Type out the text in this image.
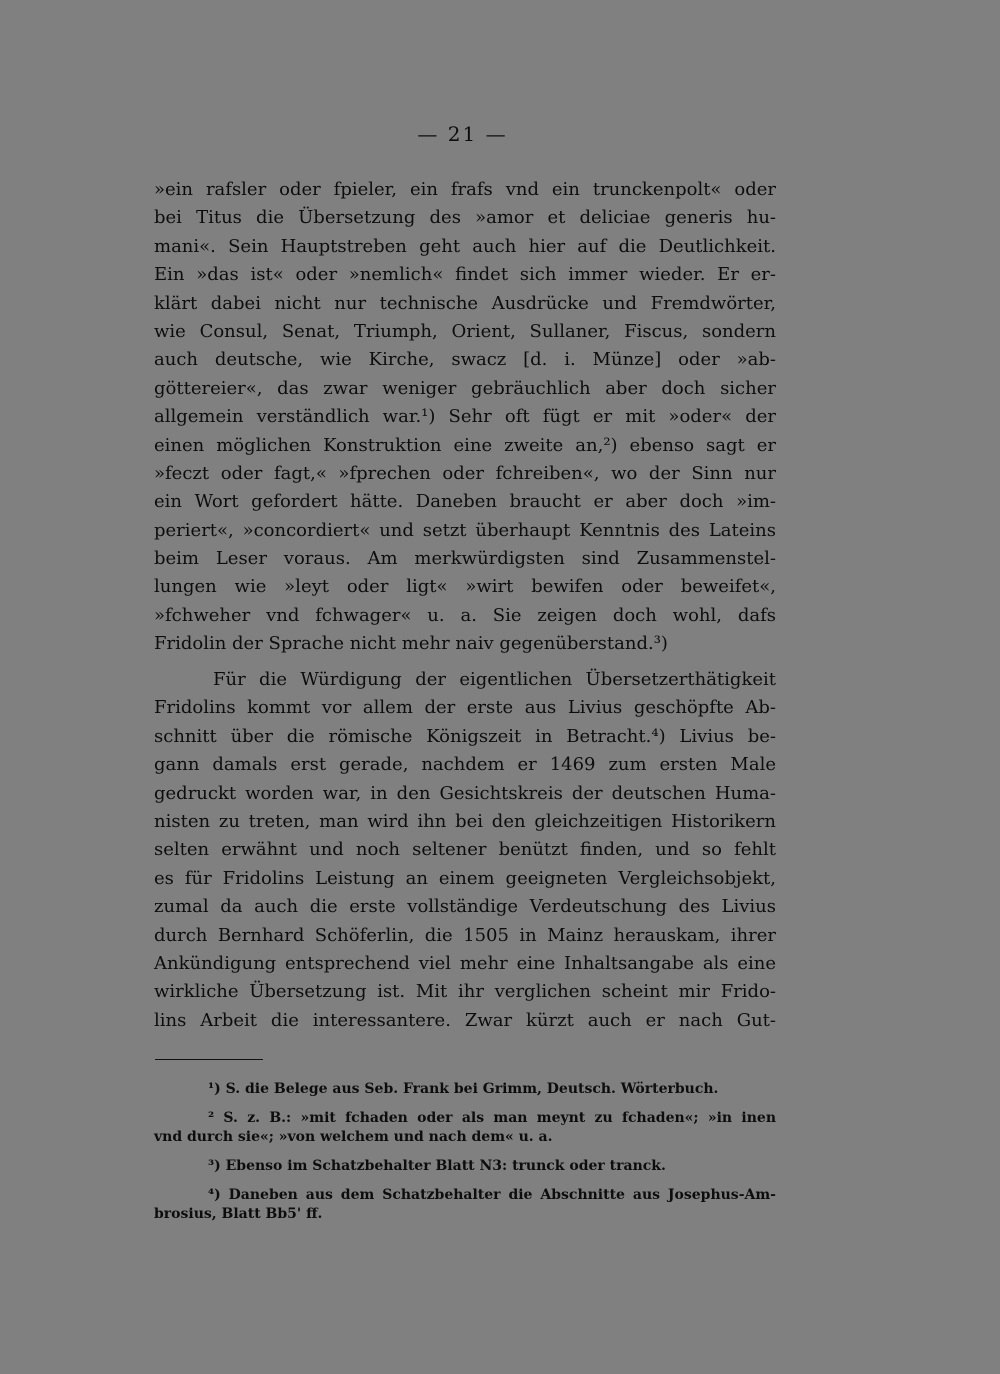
— 21 —
»ein rafsler oder fpieler, ein frafs vnd ein trunckenpolt« oder
bei Titus die Übersetzung des »amor et deliciae generis hu-
mani«. Sein Hauptstreben geht auch hier auf die Deutlichkeit.
Ein »das ist« oder »nemlich« findet sich immer wieder. Er er-
klärt dabei nicht nur technische Ausdrücke und Fremdwörter,
wie Consul, Senat, Triumph, Orient, Sullaner, Fiscus, sondern
auch deutsche, wie Kirche, swacz [d. i. Münze] oder »ab-
göttereier«, das zwar weniger gebräuchlich aber doch sicher
allgemein verständlich war.¹) Sehr oft fügt er mit »oder« der
einen möglichen Konstruktion eine zweite an,²) ebenso sagt er
»feczt oder fagt,« »fprechen oder fchreiben«, wo der Sinn nur
ein Wort gefordert hätte. Daneben braucht er aber doch »im-
periert«, »concordiert« und setzt überhaupt Kenntnis des Lateins
beim Leser voraus. Am merkwürdigsten sind Zusammenstel-
lungen wie »leyt oder ligt« »wirt bewifen oder beweifet«,
»fchweher vnd fchwager« u. a. Sie zeigen doch wohl, dafs
Fridolin der Sprache nicht mehr naiv gegenüberstand.³)
Für die Würdigung der eigentlichen Übersetzerthätigkeit
Fridolins kommt vor allem der erste aus Livius geschöpfte Ab-
schnitt über die römische Königszeit in Betracht.⁴) Livius be-
gann damals erst gerade, nachdem er 1469 zum ersten Male
gedruckt worden war, in den Gesichtskreis der deutschen Huma-
nisten zu treten, man wird ihn bei den gleichzeitigen Historikern
selten erwähnt und noch seltener benützt finden, und so fehlt
es für Fridolins Leistung an einem geeigneten Vergleichsobjekt,
zumal da auch die erste vollständige Verdeutschung des Livius
durch Bernhard Schöferlin, die 1505 in Mainz herauskam, ihrer
Ankündigung entsprechend viel mehr eine Inhaltsangabe als eine
wirkliche Übersetzung ist. Mit ihr verglichen scheint mir Frido-
lins Arbeit die interessantere. Zwar kürzt auch er nach Gut-
¹) S. die Belege aus Seb. Frank bei Grimm, Deutsch. Wörterbuch.
² S. z. B.: »mit fchaden oder als man meynt zu fchaden«; »in inen
vnd durch sie«; »von welchem und nach dem« u. a.
³) Ebenso im Schatzbehalter Blatt N3: trunck oder tranck.
⁴) Daneben aus dem Schatzbehalter die Abschnitte aus Josephus-Am-
brosius, Blatt Bb5' ff.
